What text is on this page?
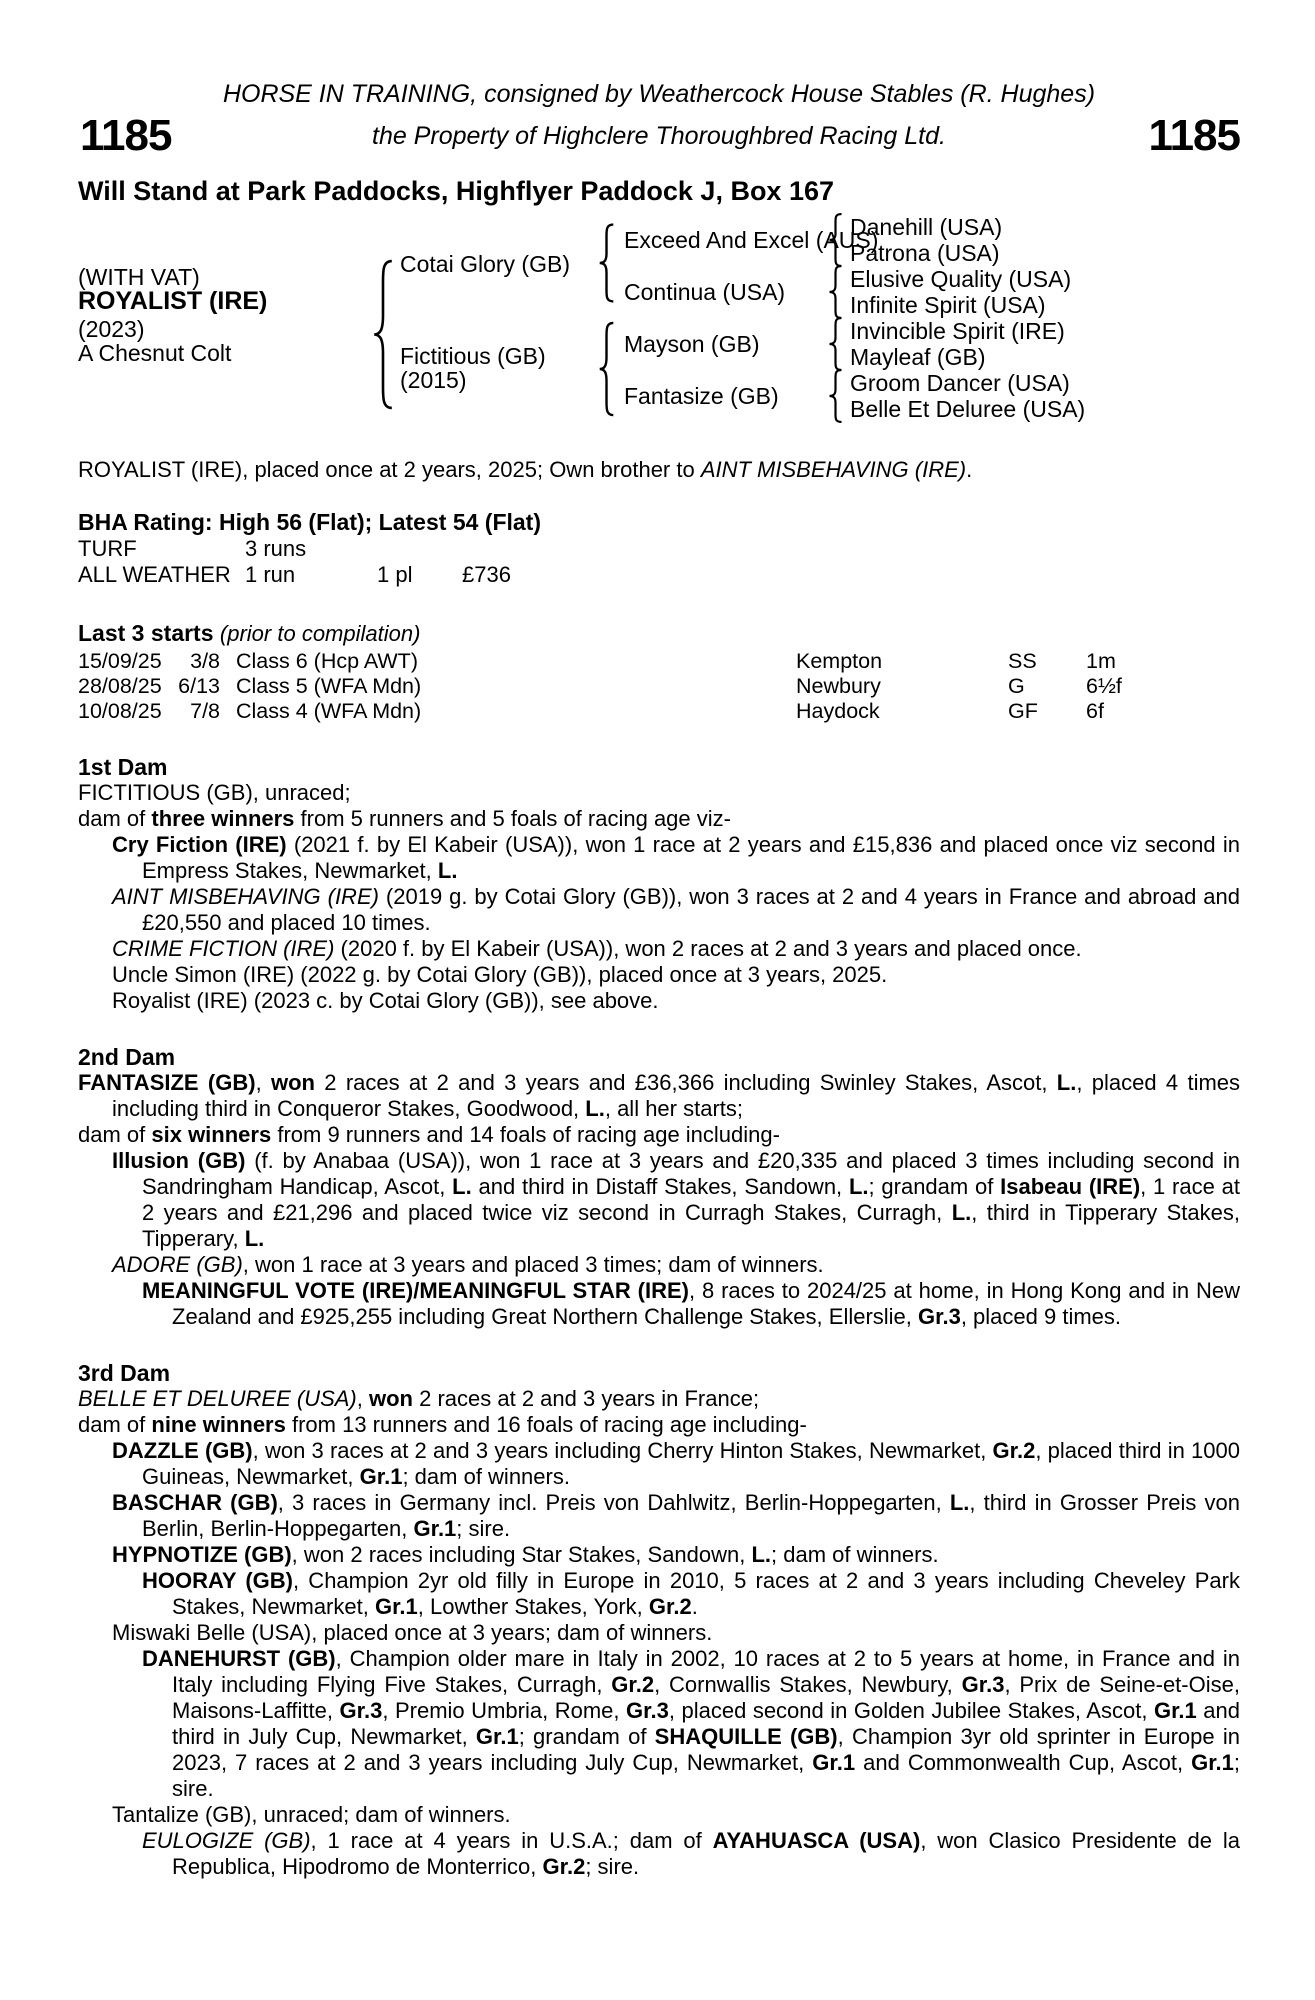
HORSE IN TRAINING, consigned by Weathercock House Stables (R. Hughes)
1185	the Property of Highclere Thoroughbred Racing Ltd.	1185
Will Stand at Park Paddocks, Highflyer Paddock J, Box 167
(WITH VAT)
ROYALIST (IRE)
(2023)
A Chesnut Colt
Cotai Glory (GB)
Fictitious (GB)
(2015)
Exceed And Excel (AUS)
Continua (USA)
Mayson (GB)
Fantasize (GB)
Danehill (USA)
Patrona (USA)
Elusive Quality (USA)
Infinite Spirit (USA)
Invincible Spirit (IRE)
Mayleaf (GB)
Groom Dancer (USA)
Belle Et Deluree (USA)
ROYALIST (IRE), placed once at 2 years, 2025; Own brother to AINT MISBEHAVING (IRE).
BHA Rating: High 56 (Flat); Latest 54 (Flat)
TURF	3 runs
ALL WEATHER 1 run	1 pl	£736
Last 3 starts (prior to compilation)
15/09/25	3/8 Class 6 (Hcp AWT)	Kempton	SS	1m
28/08/25 6/13 Class 5 (WFA Mdn)	Newbury	G	6½f
10/08/25	7/8 Class 4 (WFA Mdn)	Haydock	GF	6f
1st Dam
FICTITIOUS (GB), unraced;
dam of three winners from 5 runners and 5 foals of racing age viz-
Cry Fiction (IRE) (2021 f. by El Kabeir (USA)), won 1 race at 2 years and £15,836 and placed once viz second in Empress Stakes, Newmarket, L.
AINT MISBEHAVING (IRE) (2019 g. by Cotai Glory (GB)), won 3 races at 2 and 4 years in France and abroad and £20,550 and placed 10 times.
CRIME FICTION (IRE) (2020 f. by El Kabeir (USA)), won 2 races at 2 and 3 years and placed once.
Uncle Simon (IRE) (2022 g. by Cotai Glory (GB)), placed once at 3 years, 2025.
Royalist (IRE) (2023 c. by Cotai Glory (GB)), see above.
2nd Dam
FANTASIZE (GB), won 2 races at 2 and 3 years and £36,366 including Swinley Stakes, Ascot, L., placed 4 times including third in Conqueror Stakes, Goodwood, L., all her starts;
dam of six winners from 9 runners and 14 foals of racing age including-
Illusion (GB) (f. by Anabaa (USA)), won 1 race at 3 years and £20,335 and placed 3 times including second in Sandringham Handicap, Ascot, L. and third in Distaff Stakes, Sandown, L.; grandam of Isabeau (IRE), 1 race at 2 years and £21,296 and placed twice viz second in Curragh Stakes, Curragh, L., third in Tipperary Stakes, Tipperary, L.
ADORE (GB), won 1 race at 3 years and placed 3 times; dam of winners.
MEANINGFUL VOTE (IRE)/MEANINGFUL STAR (IRE), 8 races to 2024/25 at home, in Hong Kong and in New Zealand and £925,255 including Great Northern Challenge Stakes, Ellerslie, Gr.3, placed 9 times.
3rd Dam
BELLE ET DELUREE (USA), won 2 races at 2 and 3 years in France;
dam of nine winners from 13 runners and 16 foals of racing age including-
DAZZLE (GB), won 3 races at 2 and 3 years including Cherry Hinton Stakes, Newmarket, Gr.2, placed third in 1000 Guineas, Newmarket, Gr.1; dam of winners.
BASCHAR (GB), 3 races in Germany incl. Preis von Dahlwitz, Berlin-Hoppegarten, L., third in Grosser Preis von Berlin, Berlin-Hoppegarten, Gr.1; sire.
HYPNOTIZE (GB), won 2 races including Star Stakes, Sandown, L.; dam of winners.
HOORAY (GB), Champion 2yr old filly in Europe in 2010, 5 races at 2 and 3 years including Cheveley Park Stakes, Newmarket, Gr.1, Lowther Stakes, York, Gr.2.
Miswaki Belle (USA), placed once at 3 years; dam of winners.
DANEHURST (GB), Champion older mare in Italy in 2002, 10 races at 2 to 5 years at home, in France and in Italy including Flying Five Stakes, Curragh, Gr.2, Cornwallis Stakes, Newbury, Gr.3, Prix de Seine-et-Oise, Maisons-Laffitte, Gr.3, Premio Umbria, Rome, Gr.3, placed second in Golden Jubilee Stakes, Ascot, Gr.1 and third in July Cup, Newmarket, Gr.1; grandam of SHAQUILLE (GB), Champion 3yr old sprinter in Europe in 2023, 7 races at 2 and 3 years including July Cup, Newmarket, Gr.1 and Commonwealth Cup, Ascot, Gr.1; sire.
Tantalize (GB), unraced; dam of winners.
EULOGIZE (GB), 1 race at 4 years in U.S.A.; dam of AYAHUASCA (USA), won Clasico Presidente de la Republica, Hipodromo de Monterrico, Gr.2; sire.
